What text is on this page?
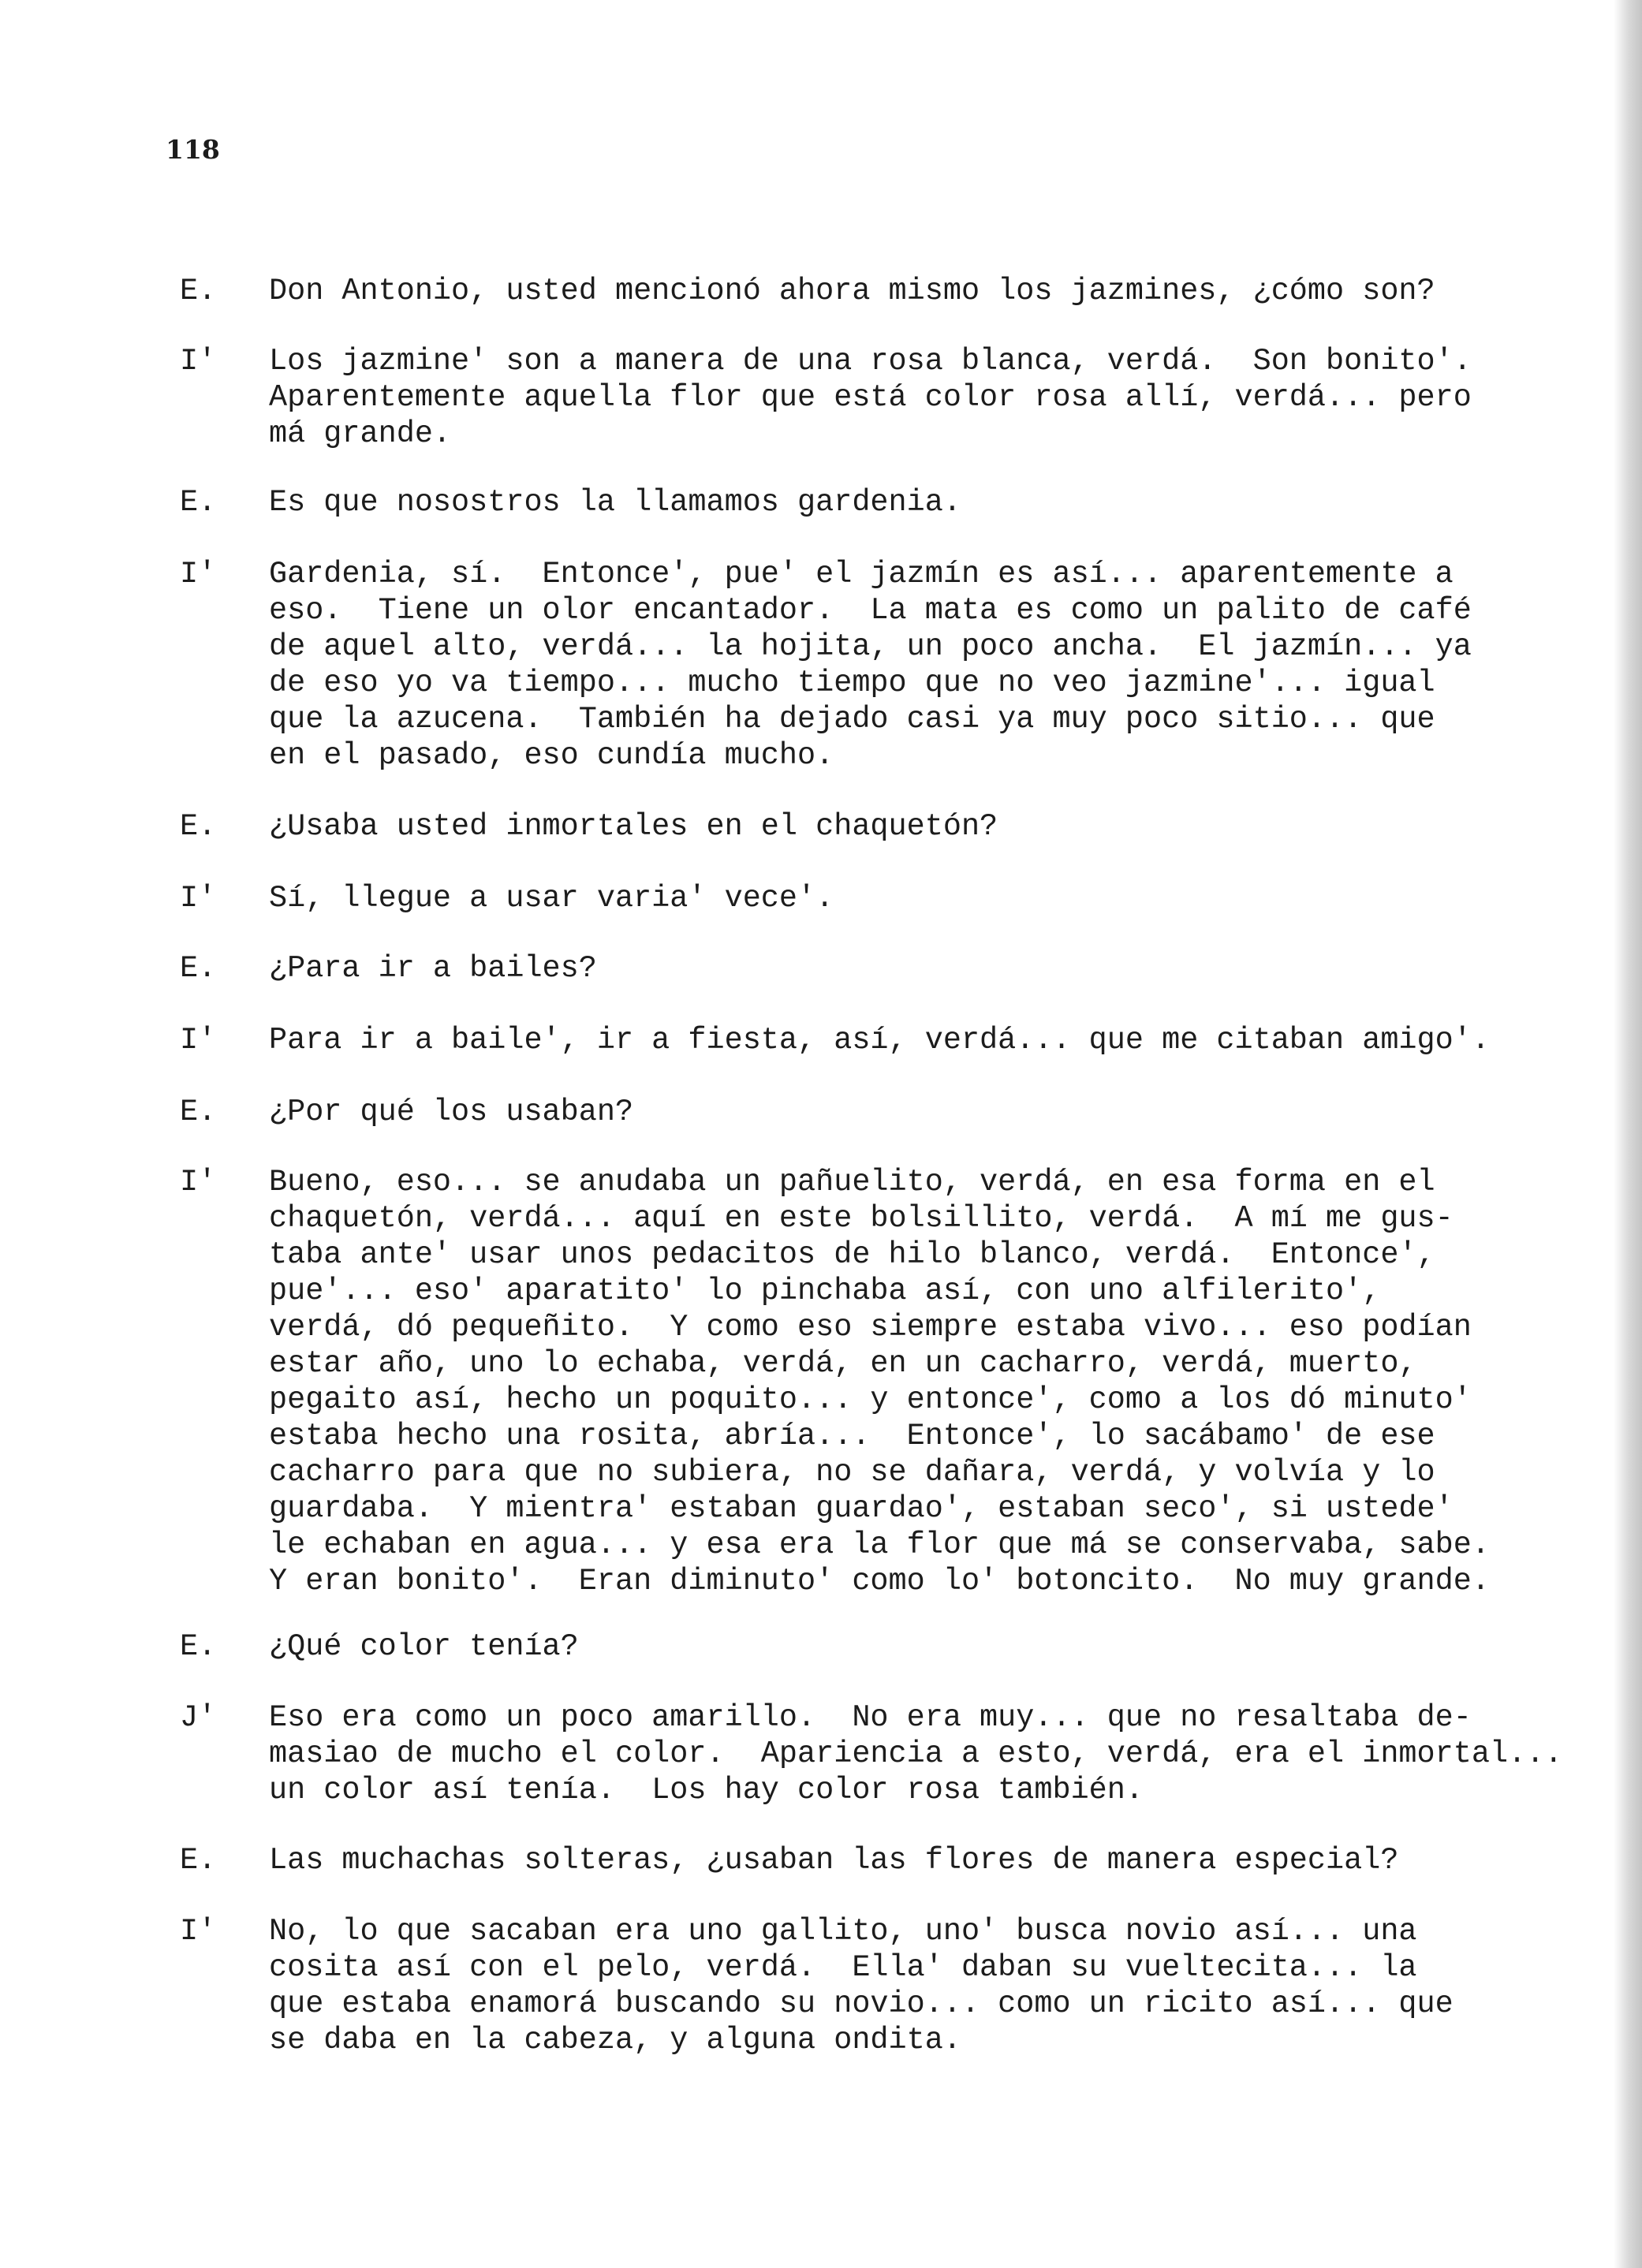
118
E. Don Antonio, usted mencionó ahora mismo los jazmines, ¿cómo son?
I' Los jazmine' son a manera de una rosa blanca, verdá.  Son bonito'.
Aparentemente aquella flor que está color rosa allí, verdá... pero
má grande.
E. Es que nosostros la llamamos gardenia.
I' Gardenia, sí.  Entonce', pue' el jazmín es así... aparentemente a
eso.  Tiene un olor encantador.  La mata es como un palito de café
de aquel alto, verdá... la hojita, un poco ancha.  El jazmín... ya
de eso yo va tiempo... mucho tiempo que no veo jazmine'... igual
que la azucena.  También ha dejado casi ya muy poco sitio... que
en el pasado, eso cundía mucho.
E. ¿Usaba usted inmortales en el chaquetón?
I' Sí, llegue a usar varia' vece'.
E. ¿Para ir a bailes?
I' Para ir a baile', ir a fiesta, así, verdá... que me citaban amigo'.
E. ¿Por qué los usaban?
I' Bueno, eso... se anudaba un pañuelito, verdá, en esa forma en el
chaquetón, verdá... aquí en este bolsillito, verdá.  A mí me gus-
taba ante' usar unos pedacitos de hilo blanco, verdá.  Entonce',
pue'... eso' aparatito' lo pinchaba así, con uno alfilerito',
verdá, dó pequeñito.  Y como eso siempre estaba vivo... eso podían
estar año, uno lo echaba, verdá, en un cacharro, verdá, muerto,
pegaito así, hecho un poquito... y entonce', como a los dó minuto'
estaba hecho una rosita, abría...  Entonce', lo sacábamo' de ese
cacharro para que no subiera, no se dañara, verdá, y volvía y lo
guardaba.  Y mientra' estaban guardao', estaban seco', si ustede'
le echaban en agua... y esa era la flor que má se conservaba, sabe.
Y eran bonito'.  Eran diminuto' como lo' botoncito.  No muy grande.
E. ¿Qué color tenía?
J' Eso era como un poco amarillo.  No era muy... que no resaltaba de-
masiao de mucho el color.  Apariencia a esto, verdá, era el inmortal...
un color así tenía.  Los hay color rosa también.
E. Las muchachas solteras, ¿usaban las flores de manera especial?
I' No, lo que sacaban era uno gallito, uno' busca novio así... una
cosita así con el pelo, verdá.  Ella' daban su vueltecita... la
que estaba enamorá buscando su novio... como un ricito así... que
se daba en la cabeza, y alguna ondita.
